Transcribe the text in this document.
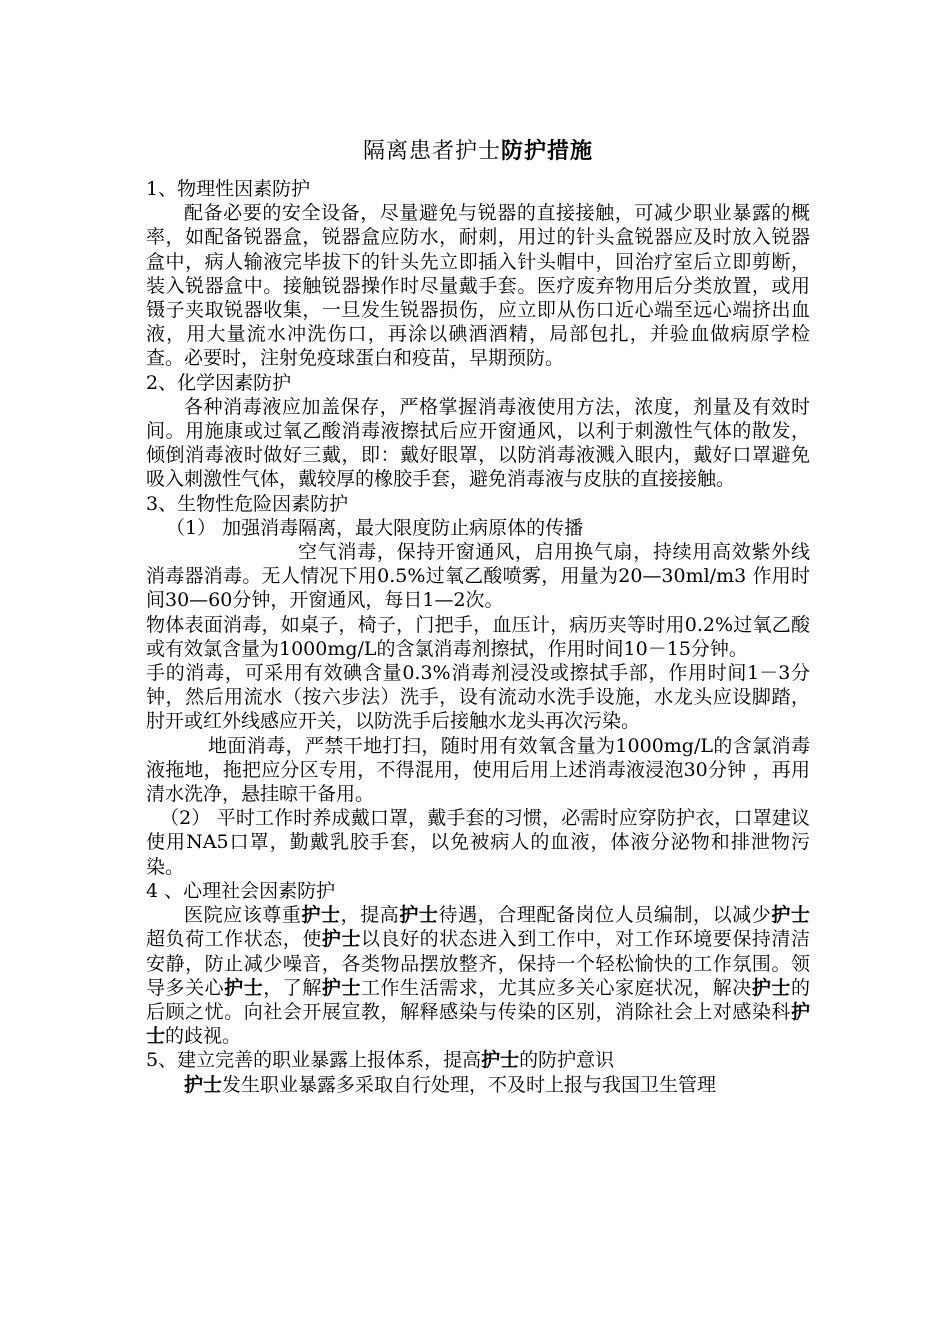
隔离患者护士防护措施

1、物理性因素防护

配备必要的安全设备，尽量避免与锐器的直接接触，可减少职业暴露的概率，如配备锐器盒，锐器盒应防水，耐刺，用过的针头盒锐器应及时放入锐器盒中，病人输液完毕拔下的针头先立即插入针头帽中，回治疗室后立即剪断，装入锐器盒中。接触锐器操作时尽量戴手套。医疗废弃物用后分类放置，或用镊子夹取锐器收集，一旦发生锐器损伤，应立即从伤口近心端至远心端挤出血液，用大量流水冲洗伤口，再涂以碘酒酒精，局部包扎，并验血做病原学检查。必要时，注射免疫球蛋白和疫苗，早期预防。

2、化学因素防护

各种消毒液应加盖保存，严格掌握消毒液使用方法，浓度，剂量及有效时间。用施康或过氧乙酸消毒液擦拭后应开窗通风，以利于刺激性气体的散发，倾倒消毒液时做好三戴，即：戴好眼罩，以防消毒液溅入眼内，戴好口罩避免吸入刺激性气体，戴较厚的橡胶手套，避免消毒液与皮肤的直接接触。

3、生物性危险因素防护

（1） 加强消毒隔离，最大限度防止病原体的传播

空气消毒，保持开窗通风，启用换气扇，持续用高效紫外线消毒器消毒。无人情况下用0.5%过氧乙酸喷雾，用量为20—30ml/m3 作用时间30—60分钟，开窗通风，每日1—2次。

物体表面消毒，如桌子，椅子，门把手，血压计，病历夹等时用0.2%过氧乙酸或有效氯含量为1000mg/L的含氯消毒剂擦拭，作用时间10－15分钟。

手的消毒，可采用有效碘含量0.3%消毒剂浸没或擦拭手部，作用时间1－3分钟，然后用流水（按六步法）洗手，设有流动水洗手设施，水龙头应设脚踏，肘开或红外线感应开关，以防洗手后接触水龙头再次污染。

地面消毒，严禁干地打扫，随时用有效氧含量为1000mg/L的含氯消毒液拖地，拖把应分区专用，不得混用，使用后用上述消毒液浸泡30分钟 ，再用清水洗净，悬挂晾干备用。

（2） 平时工作时养成戴口罩，戴手套的习惯，必需时应穿防护衣，口罩建议使用NA5口罩，勤戴乳胶手套，以免被病人的血液，体液分泌物和排泄物污染。

4 、心理社会因素防护

医院应该尊重护士，提高护士待遇，合理配备岗位人员编制，以减少护士超负荷工作状态，使护士以良好的状态进入到工作中，对工作环境要保持清洁安静，防止减少噪音，各类物品摆放整齐，保持一个轻松愉快的工作氛围。领导多关心护士，了解护士工作生活需求，尤其应多关心家庭状况，解决护士的后顾之忧。向社会开展宣教，解释感染与传染的区别，消除社会上对感染科护士的歧视。

5、建立完善的职业暴露上报体系，提高护士的防护意识

护士发生职业暴露多采取自行处理，不及时上报与我国卫生管理
